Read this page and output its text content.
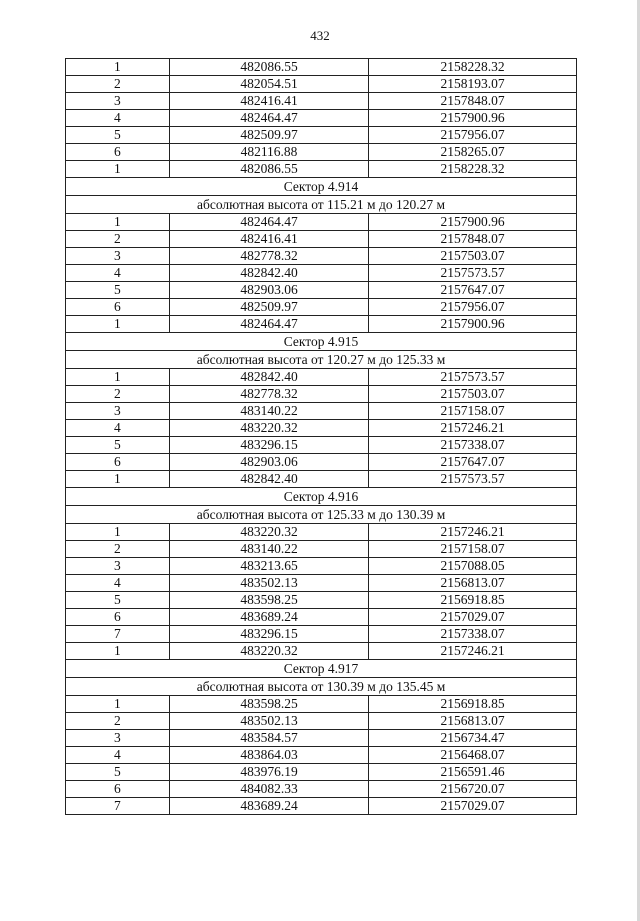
432
1	482086.55	2158228.32
2	482054.51	2158193.07
3	482416.41	2157848.07
4	482464.47	2157900.96
5	482509.97	2157956.07
6	482116.88	2158265.07
1	482086.55	2158228.32
Сектор 4.914		
абсолютная высота от 115.21 м до 120.27 м		
1	482464.47	2157900.96
2	482416.41	2157848.07
3	482778.32	2157503.07
4	482842.40	2157573.57
5	482903.06	2157647.07
6	482509.97	2157956.07
1	482464.47	2157900.96
Сектор 4.915		
абсолютная высота от 120.27 м до 125.33 м		
1	482842.40	2157573.57
2	482778.32	2157503.07
3	483140.22	2157158.07
4	483220.32	2157246.21
5	483296.15	2157338.07
6	482903.06	2157647.07
1	482842.40	2157573.57
Сектор 4.916		
абсолютная высота от 125.33 м до 130.39 м		
1	483220.32	2157246.21
2	483140.22	2157158.07
3	483213.65	2157088.05
4	483502.13	2156813.07
5	483598.25	2156918.85
6	483689.24	2157029.07
7	483296.15	2157338.07
1	483220.32	2157246.21
Сектор 4.917		
абсолютная высота от 130.39 м до 135.45 м		
1	483598.25	2156918.85
2	483502.13	2156813.07
3	483584.57	2156734.47
4	483864.03	2156468.07
5	483976.19	2156591.46
6	484082.33	2156720.07
7	483689.24	2157029.07
